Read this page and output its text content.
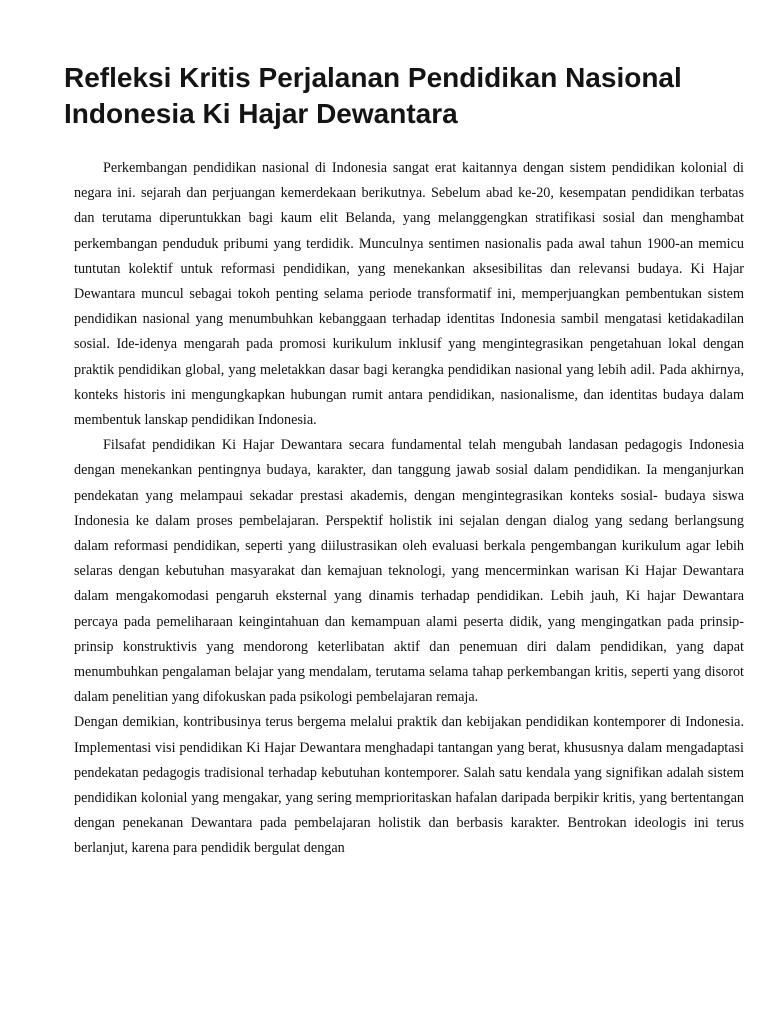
Refleksi Kritis Perjalanan Pendidikan Nasional Indonesia Ki Hajar Dewantara

Perkembangan pendidikan nasional di Indonesia sangat erat kaitannya dengan sistem pendidikan kolonial di negara ini. sejarah dan perjuangan kemerdekaan berikutnya. Sebelum abad ke-20, kesempatan pendidikan terbatas dan terutama diperuntukkan bagi kaum elit Belanda, yang melanggengkan stratifikasi sosial dan menghambat perkembangan penduduk pribumi yang terdidik. Munculnya sentimen nasionalis pada awal tahun 1900-an memicu tuntutan kolektif untuk reformasi pendidikan, yang menekankan aksesibilitas dan relevansi budaya. Ki Hajar Dewantara muncul sebagai tokoh penting selama periode transformatif ini, memperjuangkan pembentukan sistem pendidikan nasional yang menumbuhkan kebanggaan terhadap identitas Indonesia sambil mengatasi ketidakadilan sosial. Ide-idenya mengarah pada promosi kurikulum inklusif yang mengintegrasikan pengetahuan lokal dengan praktik pendidikan global, yang meletakkan dasar bagi kerangka pendidikan nasional yang lebih adil. Pada akhirnya, konteks historis ini mengungkapkan hubungan rumit antara pendidikan, nasionalisme, dan identitas budaya dalam membentuk lanskap pendidikan Indonesia.

Filsafat pendidikan Ki Hajar Dewantara secara fundamental telah mengubah landasan pedagogis Indonesia dengan menekankan pentingnya budaya, karakter, dan tanggung jawab sosial dalam pendidikan. Ia menganjurkan pendekatan yang melampaui sekadar prestasi akademis, dengan mengintegrasikan konteks sosial- budaya siswa Indonesia ke dalam proses pembelajaran. Perspektif holistik ini sejalan dengan dialog yang sedang berlangsung dalam reformasi pendidikan, seperti yang diilustrasikan oleh evaluasi berkala pengembangan kurikulum agar lebih selaras dengan kebutuhan masyarakat dan kemajuan teknologi, yang mencerminkan warisan Ki Hajar Dewantara dalam mengakomodasi pengaruh eksternal yang dinamis terhadap pendidikan. Lebih jauh, Ki hajar Dewantara percaya pada pemeliharaan keingintahuan dan kemampuan alami peserta didik, yang mengingatkan pada prinsip-prinsip konstruktivis yang mendorong keterlibatan aktif dan penemuan diri dalam pendidikan, yang dapat menumbuhkan pengalaman belajar yang mendalam, terutama selama tahap perkembangan kritis, seperti yang disorot dalam penelitian yang difokuskan pada psikologi pembelajaran remaja.

Dengan demikian, kontribusinya terus bergema melalui praktik dan kebijakan pendidikan kontemporer di Indonesia. Implementasi visi pendidikan Ki Hajar Dewantara menghadapi tantangan yang berat, khususnya dalam mengadaptasi pendekatan pedagogis tradisional terhadap kebutuhan kontemporer. Salah satu kendala yang signifikan adalah sistem pendidikan kolonial yang mengakar, yang sering memprioritaskan hafalan daripada berpikir kritis, yang bertentangan dengan penekanan Dewantara pada pembelajaran holistik dan berbasis karakter. Bentrokan ideologis ini terus berlanjut, karena para pendidik bergulat dengan
